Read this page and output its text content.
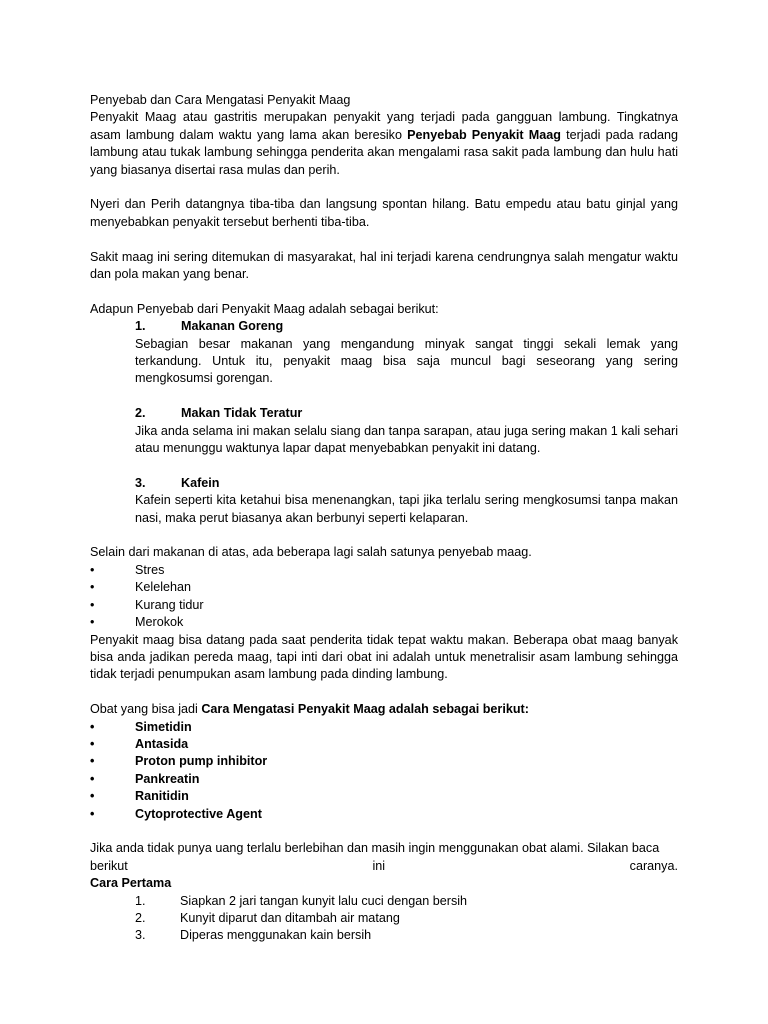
Penyebab dan Cara Mengatasi Penyakit Maag

Penyakit Maag atau gastritis merupakan penyakit yang terjadi pada gangguan lambung. Tingkatnya asam lambung dalam waktu yang lama akan beresiko Penyebab Penyakit Maag terjadi pada radang lambung atau tukak lambung sehingga penderita akan mengalami rasa sakit pada lambung dan hulu hati yang biasanya disertai rasa mulas dan perih.

Nyeri dan Perih datangnya tiba-tiba dan langsung spontan hilang. Batu empedu atau batu ginjal yang menyebabkan penyakit tersebut berhenti tiba-tiba.

Sakit maag ini sering ditemukan di masyarakat, hal ini terjadi karena cendrungnya salah mengatur waktu dan pola makan yang benar.

Adapun Penyebab dari Penyakit Maag adalah sebagai berikut:

1.	Makanan Goreng

Sebagian besar makanan yang mengandung minyak sangat tinggi sekali lemak yang terkandung. Untuk itu, penyakit maag bisa saja muncul bagi seseorang yang sering mengkosumsi gorengan.

2.	Makan Tidak Teratur

Jika anda selama ini makan selalu siang dan tanpa sarapan, atau juga sering makan 1 kali sehari atau menunggu waktunya lapar dapat menyebabkan penyakit ini datang.

3.	Kafein

Kafein seperti kita ketahui bisa menenangkan, tapi jika terlalu sering mengkosumsi tanpa makan nasi, maka perut biasanya akan berbunyi seperti kelaparan.

Selain dari makanan di atas, ada beberapa lagi salah satunya penyebab maag.

•	Stres

•	Kelelehan

•	Kurang tidur

•	Merokok

Penyakit maag bisa datang pada saat penderita tidak tepat waktu makan. Beberapa obat maag banyak bisa anda jadikan pereda maag, tapi inti dari obat ini adalah untuk menetralisir asam lambung sehingga tidak terjadi penumpukan asam lambung pada dinding lambung.

Obat yang bisa jadi Cara Mengatasi Penyakit Maag adalah sebagai berikut:

•	Simetidin

•	Antasida

•	Proton pump inhibitor

•	Pankreatin

•	Ranitidin

•	Cytoprotective Agent

Jika anda tidak punya uang terlalu berlebihan dan masih ingin menggunakan obat alami. Silakan baca

berikut	ini	caranya.

Cara Pertama

1.	Siapkan 2 jari tangan kunyit lalu cuci dengan bersih

2.	Kunyit diparut dan ditambah air matang

3.	Diperas menggunakan kain bersih
